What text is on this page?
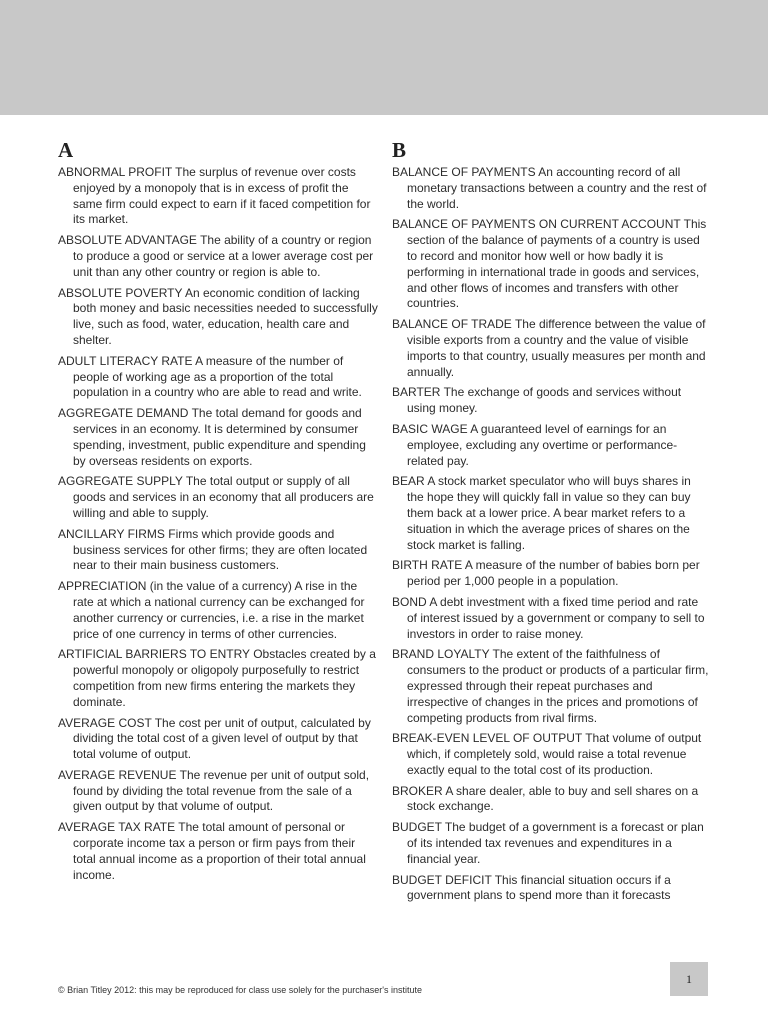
A

ABNORMAL PROFIT The surplus of revenue over costs enjoyed by a monopoly that is in excess of profit the same firm could expect to earn if it faced competition for its market.

ABSOLUTE ADVANTAGE The ability of a country or region to produce a good or service at a lower average cost per unit than any other country or region is able to.

ABSOLUTE POVERTY An economic condition of lacking both money and basic necessities needed to successfully live, such as food, water, education, health care and shelter.

ADULT LITERACY RATE A measure of the number of people of working age as a proportion of the total population in a country who are able to read and write.

AGGREGATE DEMAND The total demand for goods and services in an economy. It is determined by consumer spending, investment, public expenditure and spending by overseas residents on exports.

AGGREGATE SUPPLY The total output or supply of all goods and services in an economy that all producers are willing and able to supply.

ANCILLARY FIRMS Firms which provide goods and business services for other firms; they are often located near to their main business customers.

APPRECIATION (in the value of a currency) A rise in the rate at which a national currency can be exchanged for another currency or currencies, i.e. a rise in the market price of one currency in terms of other currencies.

ARTIFICIAL BARRIERS TO ENTRY Obstacles created by a powerful monopoly or oligopoly purposefully to restrict competition from new firms entering the markets they dominate.

AVERAGE COST The cost per unit of output, calculated by dividing the total cost of a given level of output by that total volume of output.

AVERAGE REVENUE The revenue per unit of output sold, found by dividing the total revenue from the sale of a given output by that volume of output.

AVERAGE TAX RATE The total amount of personal or corporate income tax a person or firm pays from their total annual income as a proportion of their total annual income.

B

BALANCE OF PAYMENTS An accounting record of all monetary transactions between a country and the rest of the world.

BALANCE OF PAYMENTS ON CURRENT ACCOUNT This section of the balance of payments of a country is used to record and monitor how well or how badly it is performing in international trade in goods and services, and other flows of incomes and transfers with other countries.

BALANCE OF TRADE The difference between the value of visible exports from a country and the value of visible imports to that country, usually measures per month and annually.

BARTER The exchange of goods and services without using money.

BASIC WAGE A guaranteed level of earnings for an employee, excluding any overtime or performance-related pay.

BEAR A stock market speculator who will buys shares in the hope they will quickly fall in value so they can buy them back at a lower price. A bear market refers to a situation in which the average prices of shares on the stock market is falling.

BIRTH RATE A measure of the number of babies born per period per 1,000 people in a population.

BOND A debt investment with a fixed time period and rate of interest issued by a government or company to sell to investors in order to raise money.

BRAND LOYALTY The extent of the faithfulness of consumers to the product or products of a particular firm, expressed through their repeat purchases and irrespective of changes in the prices and promotions of competing products from rival firms.

BREAK-EVEN LEVEL OF OUTPUT That volume of output which, if completely sold, would raise a total revenue exactly equal to the total cost of its production.

BROKER A share dealer, able to buy and sell shares on a stock exchange.

BUDGET The budget of a government is a forecast or plan of its intended tax revenues and expenditures in a financial year.

BUDGET DEFICIT This financial situation occurs if a government plans to spend more than it forecasts

© Brian Titley 2012: this may be reproduced for class use solely for the purchaser's institute
1
